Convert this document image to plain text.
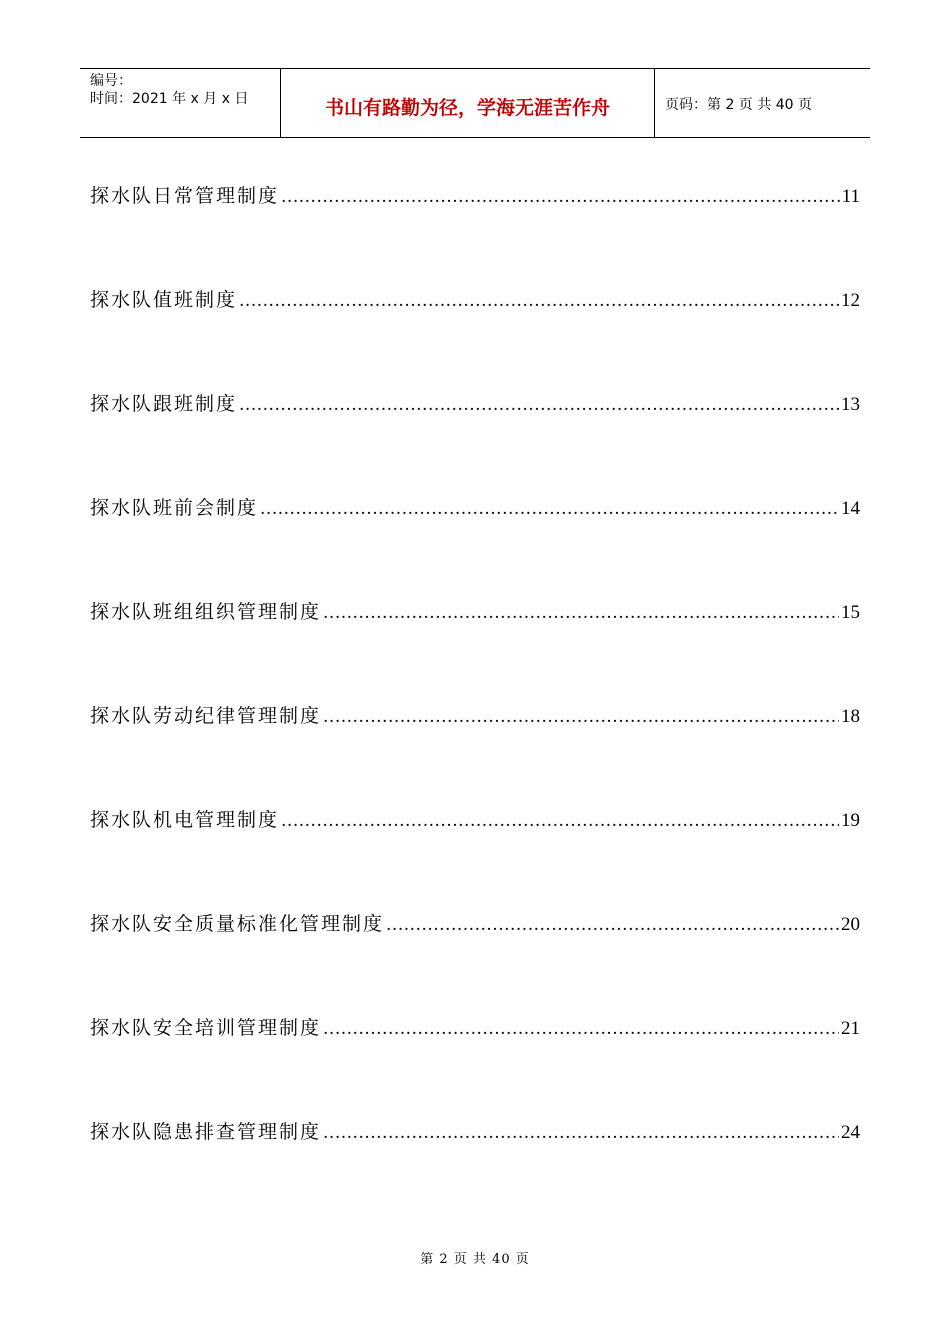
编号：
时间：2021 年 x 月 x 日	书山有路勤为径，学海无涯苦作舟	页码：第 2 页 共 40 页
探水队日常管理制度 .....	11
探水队值班制度 .....	12
探水队跟班制度 .....	13
探水队班前会制度 .....	14
探水队班组组织管理制度 .....	15
探水队劳动纪律管理制度 .....	18
探水队机电管理制度 .....	19
探水队安全质量标准化管理制度 .....	20
探水队安全培训管理制度 .....	21
探水队隐患排查管理制度 .....	24
第 2 页 共 40 页
